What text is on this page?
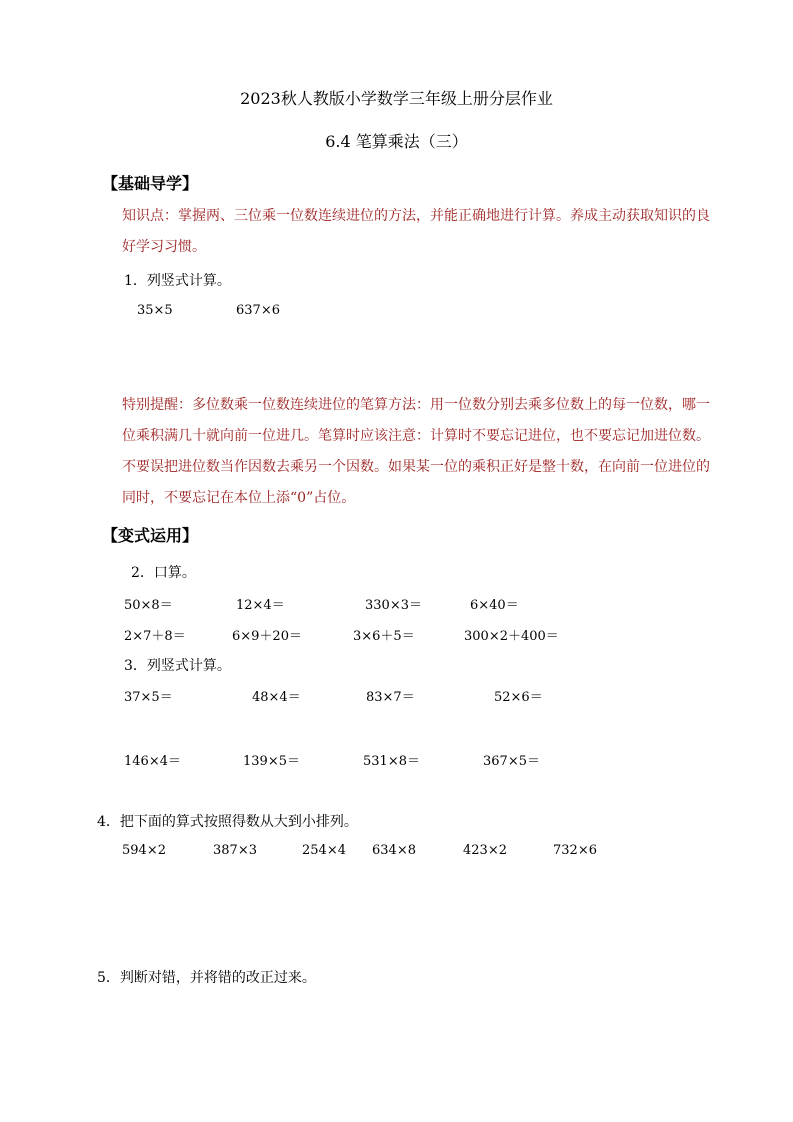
2023秋人教版小学数学三年级上册分层作业
6.4 笔算乘法（三）
【基础导学】
知识点：掌握两、三位乘一位数连续进位的方法，并能正确地进行计算。养成主动获取知识的良好学习习惯。
1．列竖式计算。
35×5	637×6
特别提醒：多位数乘一位数连续进位的笔算方法：用一位数分别去乘多位数上的每一位数，哪一位乘积满几十就向前一位进几。笔算时应该注意：计算时不要忘记进位，也不要忘记加进位数。不要误把进位数当作因数去乘另一个因数。如果某一位的乘积正好是整十数，在向前一位进位的同时，不要忘记在本位上添“0”占位。
【变式运用】
2．口算。
50×8＝	12×4＝	330×3＝	6×40＝
2×7＋8＝	6×9＋20＝	3×6＋5＝	300×2＋400＝
3．列竖式计算。
37×5＝	48×4＝	83×7＝	52×6＝
146×4＝	139×5＝	531×8＝	367×5＝
4．把下面的算式按照得数从大到小排列。
594×2	387×3	254×4 634×8	423×2	732×6
5．判断对错，并将错的改正过来。
